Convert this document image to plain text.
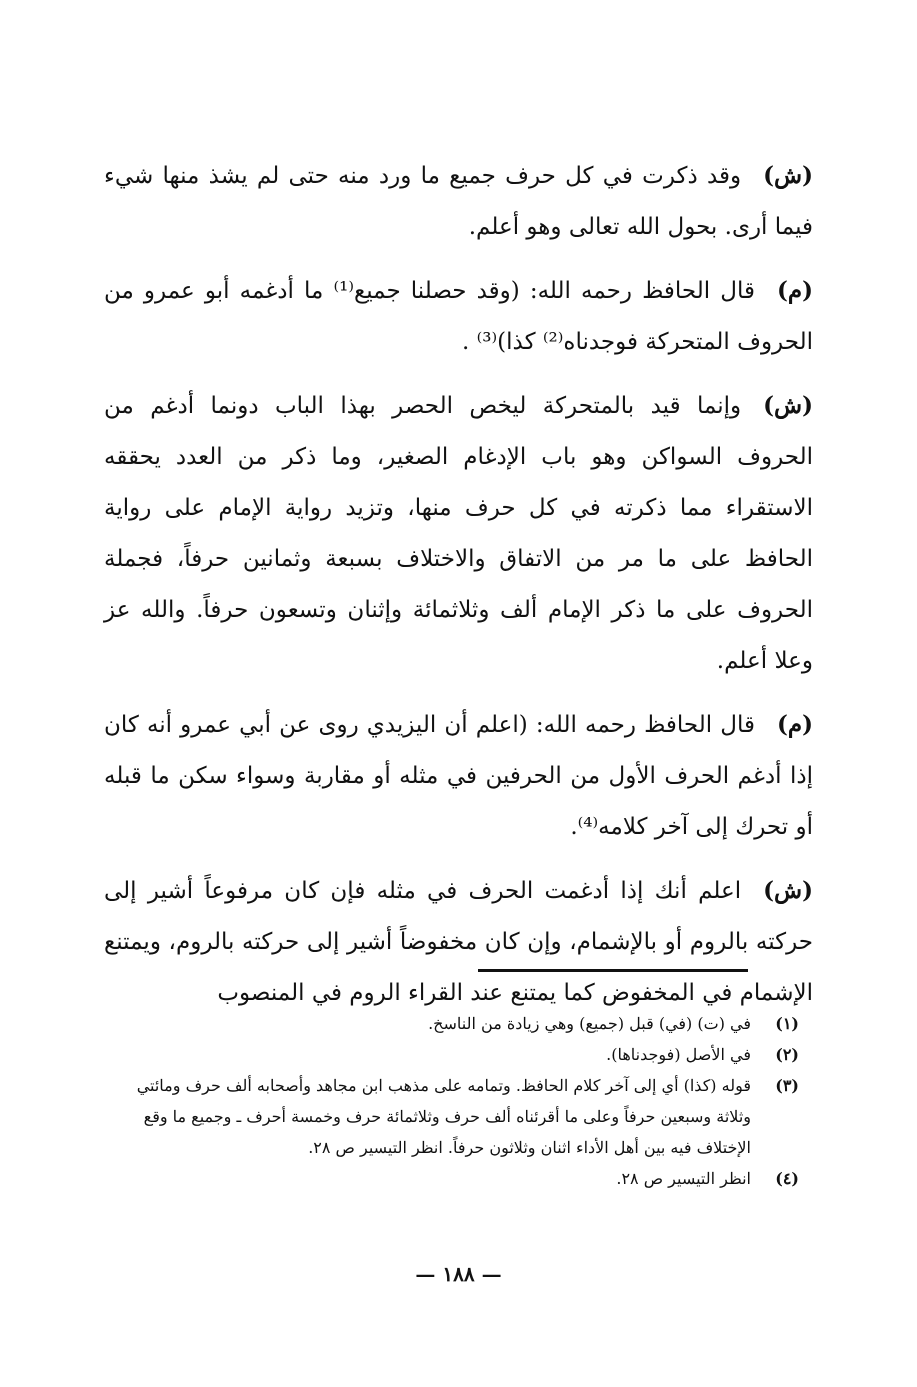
(ش)وقد ذكرت في كل حرف جميع ما ورد منه حتى لم يشذ منها شيء فيما أرى. بحول الله تعالى وهو أعلم.

(م)قال الحافظ رحمه الله: (وقد حصلنا جميع⁽¹⁾ ما أدغمه أبو عمرو من الحروف المتحركة فوجدناه⁽²⁾ كذا)⁽³⁾ .

(ش)وإنما قيد بالمتحركة ليخص الحصر بهذا الباب دونما أدغم من الحروف السواكن وهو باب الإدغام الصغير، وما ذكر من العدد يحققه الاستقراء مما ذكرته في كل حرف منها، وتزيد رواية الإمام على رواية الحافظ على ما مر من الاتفاق والاختلاف بسبعة وثمانين حرفاً، فجملة الحروف على ما ذكر الإمام ألف وثلاثمائة وإثنان وتسعون حرفاً. والله عز وعلا أعلم.

(م)قال الحافظ رحمه الله: (اعلم أن اليزيدي روى عن أبي عمرو أنه كان إذا أدغم الحرف الأول من الحرفين في مثله أو مقاربة وسواء سكن ما قبله أو تحرك إلى آخر كلامه⁽⁴⁾.

(ش)اعلم أنك إذا أدغمت الحرف في مثله فإن كان مرفوعاً أشير إلى حركته بالروم أو بالإشمام، وإن كان مخفوضاً أشير إلى حركته بالروم، ويمتنع الإشمام في المخفوض كما يمتنع عند القراء الروم في المنصوب

(١)
في (ت) (في) قبل (جميع) وهي زيادة من الناسخ.
(٢)
في الأصل (فوجدناها).
(٣)
قوله (كذا) أي إلى آخر كلام الحافظ. وتمامه على مذهب ابن مجاهد وأصحابه ألف حرف ومائتي وثلاثة وسبعين حرفاً وعلى ما أقرئناه ألف حرف وثلاثمائة حرف وخمسة أحرف ـ وجميع ما وقع الإختلاف فيه بين أهل الأداء اثنان وثلاثون حرفاً. انظر التيسير ص ٢٨.
(٤)
انظر التيسير ص ٢٨.
— ١٨٨ —
